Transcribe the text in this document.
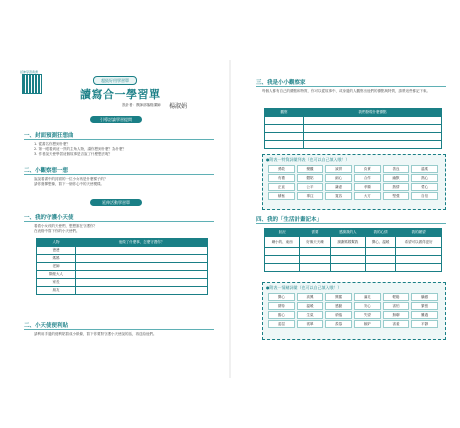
延伸學習資源
超級好用學習單
讀寫合一學習單
設計者：教師部落格講師 楊淑娟
引導討論學習提問
一、封面預測狂想曲
1. 從書名你想到什麼？
2. 第一眼看到這一頁的主角人物，讓你想到什麼？為什麼？
3. 作者說天使學習這個故事是否說了什麼想法呢？
二、小觀察想一想
說說看書中的封面的一位小女孩是什麼樣子的？
請你發揮想像，寫下一個你心中的天使模樣。
延伸活動學習單
一、我的守護小天使
看看小女孩的天使們，想想誰在守護你？
在表格中寫下你的小天使們。
人物	他做了什麼事，怎麼守護你？
爸爸	
媽媽	
老師	
隔壁大人	
家長	
朋友	
二、小天使便利貼
請利用手邊的便利貼寫成小紙條，寫下你要對守護小天使說的話，再送給他們。
三、我是小小觀察家
每個人都有自己的優點和特質，你可以從故事中、或身邊的人觀察出他們的優點與特質，請將這些都記下來。
觀察	我們發現什麼優點

●附表－特質詞彙列表（也可以自己填入哦！）
勇敢	樂觀	誠實	負責	善良	溫柔
有禮	體貼	細心	合作	幽默	熱心
正直	公平	謙虛	孝順	熱情	愛心
積極	專注	寬容	大方	堅強	自信
四、我的「生活計畫記本」
狀況	需要	感謝我的人	我的心情	我的願望
練小的、東西	好像天天練	謝謝媽媽幫我	開心、溫暖	希望可以做得更好

●附表－情緒詞彙（也可以自己填入哦！）
開心	高興	興奮	滿足	輕鬆	驕傲
期待	溫暖	感動	安心	害怕	緊張
擔心	生氣	煩惱	失望	無聊	難過
委屈	孤單	羨慕	嫉妒	害羞	平靜
